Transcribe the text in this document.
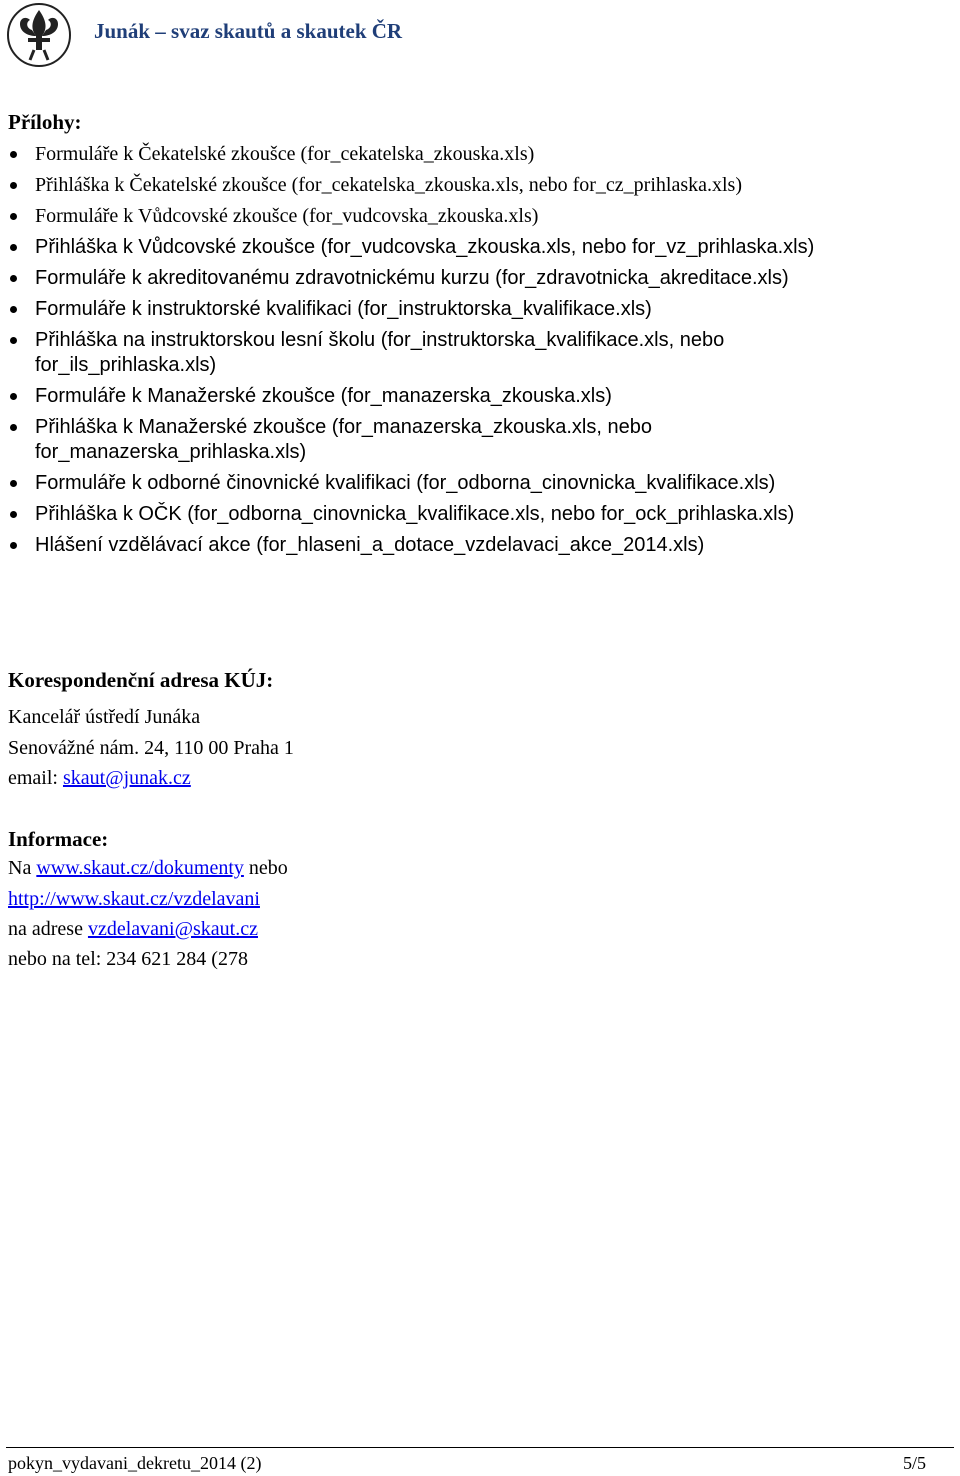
Junák – svaz skautů a skautek ČR
Přílohy:
Formuláře k Čekatelské zkoušce (for_cekatelska_zkouska.xls)
Přihláška k Čekatelské zkoušce (for_cekatelska_zkouska.xls, nebo for_cz_prihlaska.xls)
Formuláře k Vůdcovské zkoušce (for_vudcovska_zkouska.xls)
Přihláška k Vůdcovské zkoušce (for_vudcovska_zkouska.xls, nebo for_vz_prihlaska.xls)
Formuláře k akreditovanému zdravotnickému kurzu (for_zdravotnicka_akreditace.xls)
Formuláře k instruktorské kvalifikaci (for_instruktorska_kvalifikace.xls)
Přihláška na instruktorskou lesní školu (for_instruktorska_kvalifikace.xls, nebo for_ils_prihlaska.xls)
Formuláře k Manažerské zkoušce (for_manazerska_zkouska.xls)
Přihláška k Manažerské zkoušce (for_manazerska_zkouska.xls, nebo for_manazerska_prihlaska.xls)
Formuláře k odborné činovnické kvalifikaci (for_odborna_cinovnicka_kvalifikace.xls)
Přihláška k OČK (for_odborna_cinovnicka_kvalifikace.xls, nebo for_ock_prihlaska.xls)
Hlášení vzdělávací akce (for_hlaseni_a_dotace_vzdelavaci_akce_2014.xls)
Korespondenční adresa KÚJ:
Kancelář ústředí Junáka
Senovážné nám. 24, 110 00 Praha 1
email: skaut@junak.cz
Informace:
Na www.skaut.cz/dokumenty nebo
http://www.skaut.cz/vzdelavani
na adrese vzdelavani@skaut.cz
nebo na tel: 234 621 284 (278
pokyn_vydavani_dekretu_2014 (2)	5/5
